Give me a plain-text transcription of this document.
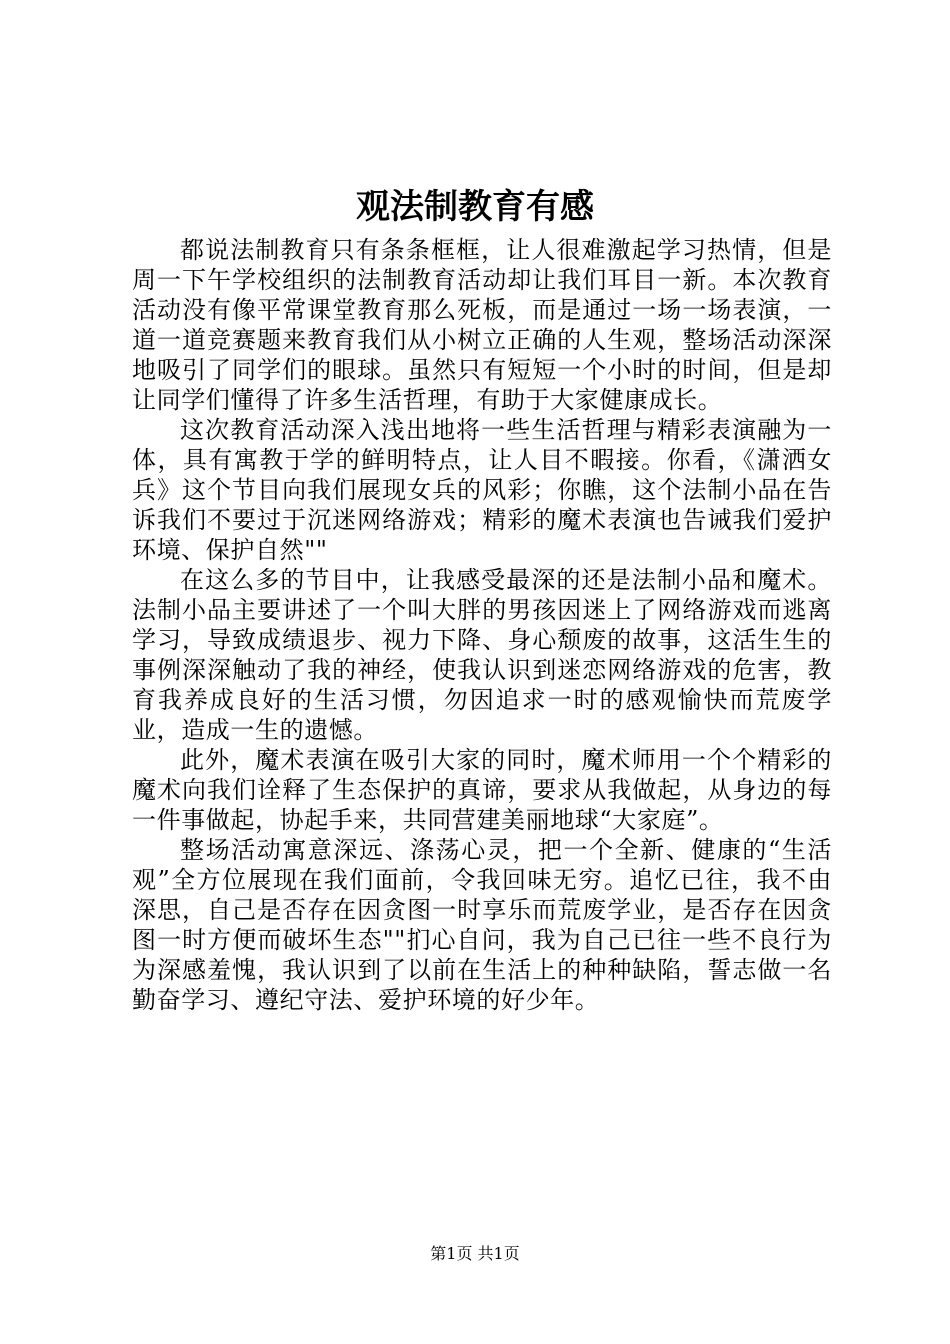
观法制教育有感

都说法制教育只有条条框框，让人很难激起学习热情，但是周一下午学校组织的法制教育活动却让我们耳目一新。本次教育活动没有像平常课堂教育那么死板，而是通过一场一场表演，一道一道竞赛题来教育我们从小树立正确的人生观，整场活动深深地吸引了同学们的眼球。虽然只有短短一个小时的时间，但是却让同学们懂得了许多生活哲理，有助于大家健康成长。

这次教育活动深入浅出地将一些生活哲理与精彩表演融为一体，具有寓教于学的鲜明特点，让人目不暇接。你看，《潇洒女兵》这个节目向我们展现女兵的风彩；你瞧，这个法制小品在告诉我们不要过于沉迷网络游戏；精彩的魔术表演也告诫我们爱护环境、保护自然""

在这么多的节目中，让我感受最深的还是法制小品和魔术。法制小品主要讲述了一个叫大胖的男孩因迷上了网络游戏而逃离学习，导致成绩退步、视力下降、身心颓废的故事，这活生生的事例深深触动了我的神经，使我认识到迷恋网络游戏的危害，教育我养成良好的生活习惯，勿因追求一时的感观愉快而荒废学业，造成一生的遗憾。

此外，魔术表演在吸引大家的同时，魔术师用一个个精彩的魔术向我们诠释了生态保护的真谛，要求从我做起，从身边的每一件事做起，协起手来，共同营建美丽地球“大家庭”。

整场活动寓意深远、涤荡心灵，把一个全新、健康的“生活观”全方位展现在我们面前，令我回味无穷。追忆已往，我不由深思，自己是否存在因贪图一时享乐而荒废学业，是否存在因贪图一时方便而破坏生态""扪心自问，我为自己已往一些不良行为为深感羞愧，我认识到了以前在生活上的种种缺陷，誓志做一名勤奋学习、遵纪守法、爱护环境的好少年。

第1页 共1页
